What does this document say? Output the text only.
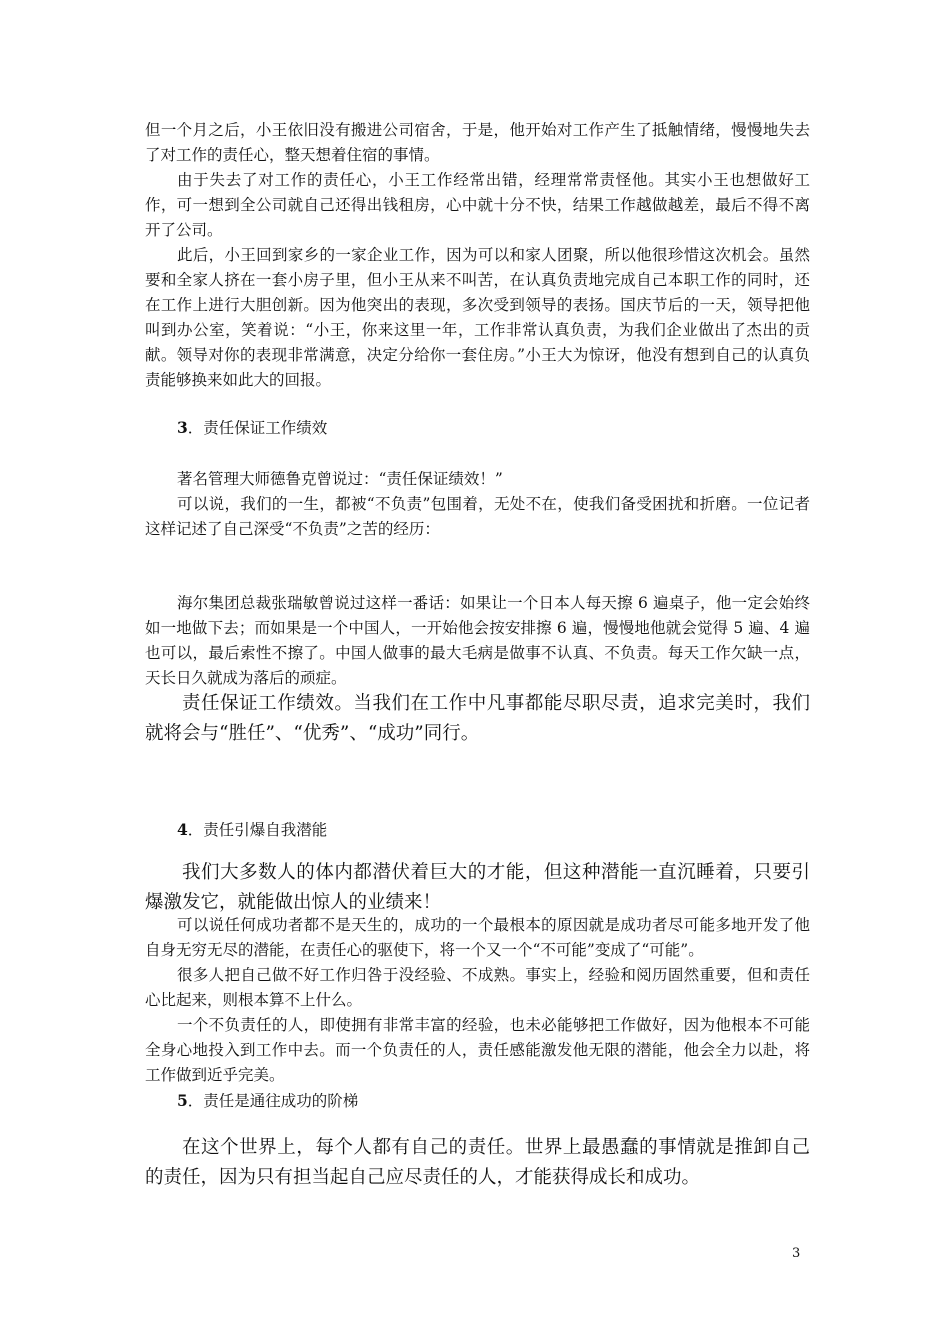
但一个月之后，小王依旧没有搬进公司宿舍，于是，他开始对工作产生了抵触情绪，慢慢地失去了对工作的责任心，整天想着住宿的事情。

由于失去了对工作的责任心，小王工作经常出错，经理常常责怪他。其实小王也想做好工作，可一想到全公司就自己还得出钱租房，心中就十分不快，结果工作越做越差，最后不得不离开了公司。

此后，小王回到家乡的一家企业工作，因为可以和家人团聚，所以他很珍惜这次机会。虽然要和全家人挤在一套小房子里，但小王从来不叫苦，在认真负责地完成自己本职工作的同时，还在工作上进行大胆创新。因为他突出的表现，多次受到领导的表扬。国庆节后的一天，领导把他叫到办公室，笑着说：“小王，你来这里一年，工作非常认真负责，为我们企业做出了杰出的贡献。领导对你的表现非常满意，决定分给你一套住房。”小王大为惊讶，他没有想到自己的认真负责能够换来如此大的回报。

3．责任保证工作绩效

著名管理大师德鲁克曾说过：“责任保证绩效！”

可以说，我们的一生，都被“不负责”包围着，无处不在，使我们备受困扰和折磨。一位记者这样记述了自己深受“不负责”之苦的经历：

海尔集团总裁张瑞敏曾说过这样一番话：如果让一个日本人每天擦 6 遍桌子，他一定会始终如一地做下去；而如果是一个中国人，一开始他会按安排擦 6 遍，慢慢地他就会觉得 5 遍、4 遍也可以，最后索性不擦了。中国人做事的最大毛病是做事不认真、不负责。每天工作欠缺一点，天长日久就成为落后的顽症。

责任保证工作绩效。当我们在工作中凡事都能尽职尽责，追求完美时，我们就将会与“胜任”、“优秀”、“成功”同行。

4．责任引爆自我潜能

我们大多数人的体内都潜伏着巨大的才能，但这种潜能一直沉睡着，只要引爆激发它，就能做出惊人的业绩来！

可以说任何成功者都不是天生的，成功的一个最根本的原因就是成功者尽可能多地开发了他自身无穷无尽的潜能，在责任心的驱使下，将一个又一个“不可能”变成了“可能”。

很多人把自己做不好工作归咎于没经验、不成熟。事实上，经验和阅历固然重要，但和责任心比起来，则根本算不上什么。

一个不负责任的人，即使拥有非常丰富的经验，也未必能够把工作做好，因为他根本不可能全身心地投入到工作中去。而一个负责任的人，责任感能激发他无限的潜能，他会全力以赴，将工作做到近乎完美。

5．责任是通往成功的阶梯

在这个世界上，每个人都有自己的责任。世界上最愚蠢的事情就是推卸自己的责任，因为只有担当起自己应尽责任的人，才能获得成长和成功。

3
